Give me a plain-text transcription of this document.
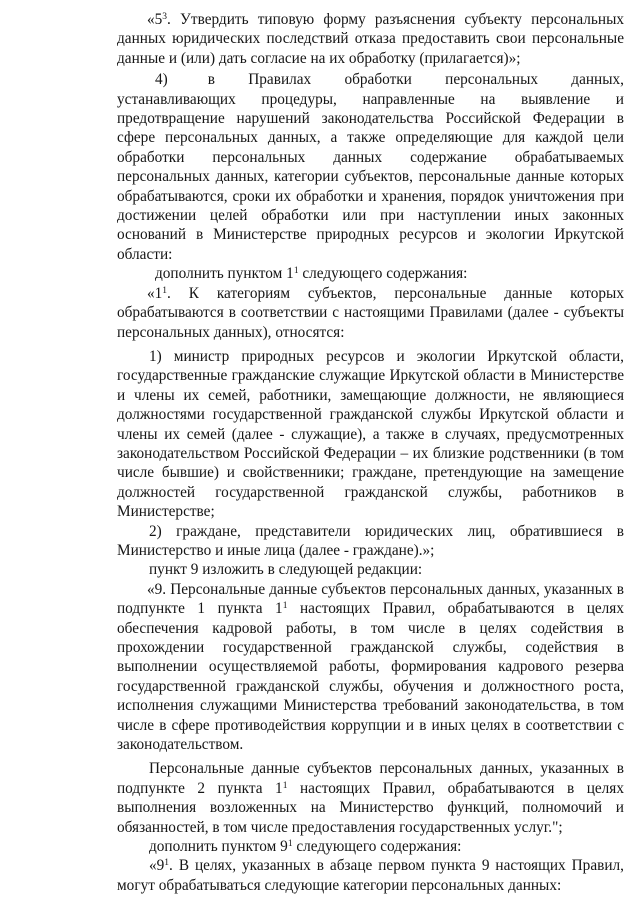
«$5^3$. Утвердить типовую форму разъяснения субъекту персональных данных юридических последствий отказа предоставить свои персональные данные и (или) дать согласие на их обработку (прилагается)»;

4)	в Правилах обработки персональных данных, устанавливающих процедуры, направленные на выявление и предотвращение нарушений законодательства Российской Федерации в сфере персональных данных, а также определяющие для каждой цели обработки персональных данных содержание обрабатываемых персональных данных, категории субъектов, персональные данные которых обрабатываются, сроки их обработки и хранения, порядок уничтожения при достижении целей обработки или при наступлении иных законных оснований в Министерстве природных ресурсов и экологии Иркутской области:

дополнить пунктом $1^1$ следующего содержания:

«$1^1$. К категориям субъектов, персональные данные которых обрабатываются в соответствии с настоящими Правилами (далее - субъекты персональных данных), относятся:

1) министр природных ресурсов и экологии Иркутской области, государственные гражданские служащие Иркутской области в Министерстве и члены их семей, работники, замещающие должности, не являющиеся должностями государственной гражданской службы Иркутской области и члены их семей (далее - служащие), а также в случаях, предусмотренных законодательством Российской Федерации – их близкие родственники (в том числе бывшие) и свойственники; граждане, претендующие на замещение должностей государственной гражданской службы, работников в Министерстве;

2) граждане, представители юридических лиц, обратившиеся в Министерство и иные лица (далее - граждане).»;

пункт 9 изложить в следующей редакции:

«9. Персональные данные субъектов персональных данных, указанных в подпункте 1 пункта $1^1$ настоящих Правил, обрабатываются в целях обеспечения кадровой работы, в том числе в целях содействия в прохождении государственной гражданской службы, содействия в выполнении осуществляемой работы, формирования кадрового резерва государственной гражданской службы, обучения и должностного роста, исполнения служащими Министерства требований законодательства, в том числе в сфере противодействия коррупции и в иных целях в соответствии с законодательством.

Персональные данные субъектов персональных данных, указанных в подпункте 2 пункта $1^1$ настоящих Правил, обрабатываются в целях выполнения возложенных на Министерство функций, полномочий и обязанностей, в том числе предоставления государственных услуг.";

дополнить пунктом $9^1$ следующего содержания:

«$9^1$. В целях, указанных в абзаце первом пункта 9 настоящих Правил, могут обрабатываться следующие категории персональных данных:
